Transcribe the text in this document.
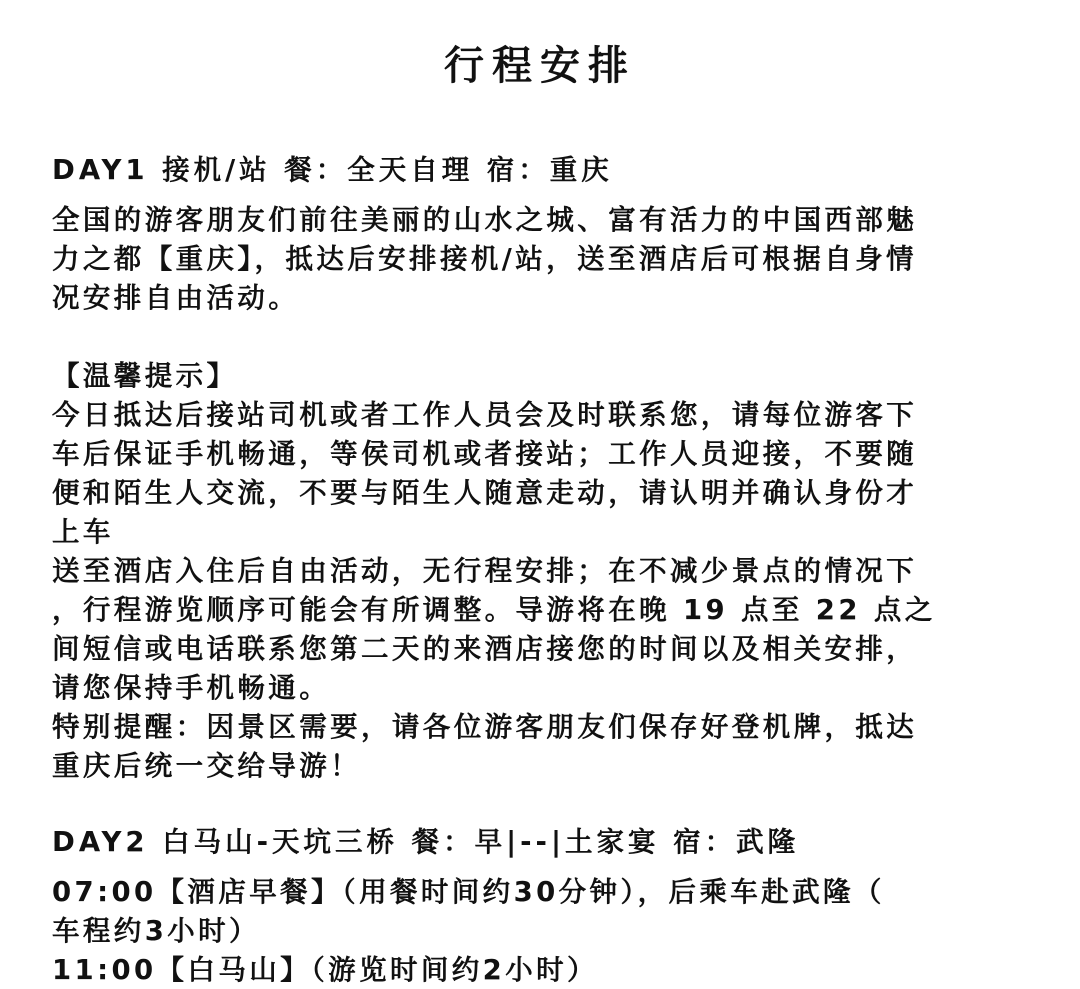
行程安排
DAY1 接机/站 餐：全天自理 宿：重庆
全国的游客朋友们前往美丽的山水之城、富有活力的中国西部魅
力之都【重庆】，抵达后安排接机/站，送至酒店后可根据自身情
况安排自由活动。
【温馨提示】
今日抵达后接站司机或者工作人员会及时联系您，请每位游客下
车后保证手机畅通，等侯司机或者接站；工作人员迎接，不要随
便和陌生人交流，不要与陌生人随意走动，请认明并确认身份才
上车
送至酒店入住后自由活动，无行程安排；在不减少景点的情况下
，行程游览顺序可能会有所调整。导游将在晚 19 点至 22 点之
间短信或电话联系您第二天的来酒店接您的时间以及相关安排，
请您保持手机畅通。
特别提醒：因景区需要，请各位游客朋友们保存好登机牌，抵达
重庆后统一交给导游！
DAY2 白马山-天坑三桥 餐：早|--|土家宴 宿：武隆
07:00【酒店早餐】（用餐时间约30分钟），后乘车赴武隆（
车程约3小时）
11:00【白马山】（游览时间约2小时）
